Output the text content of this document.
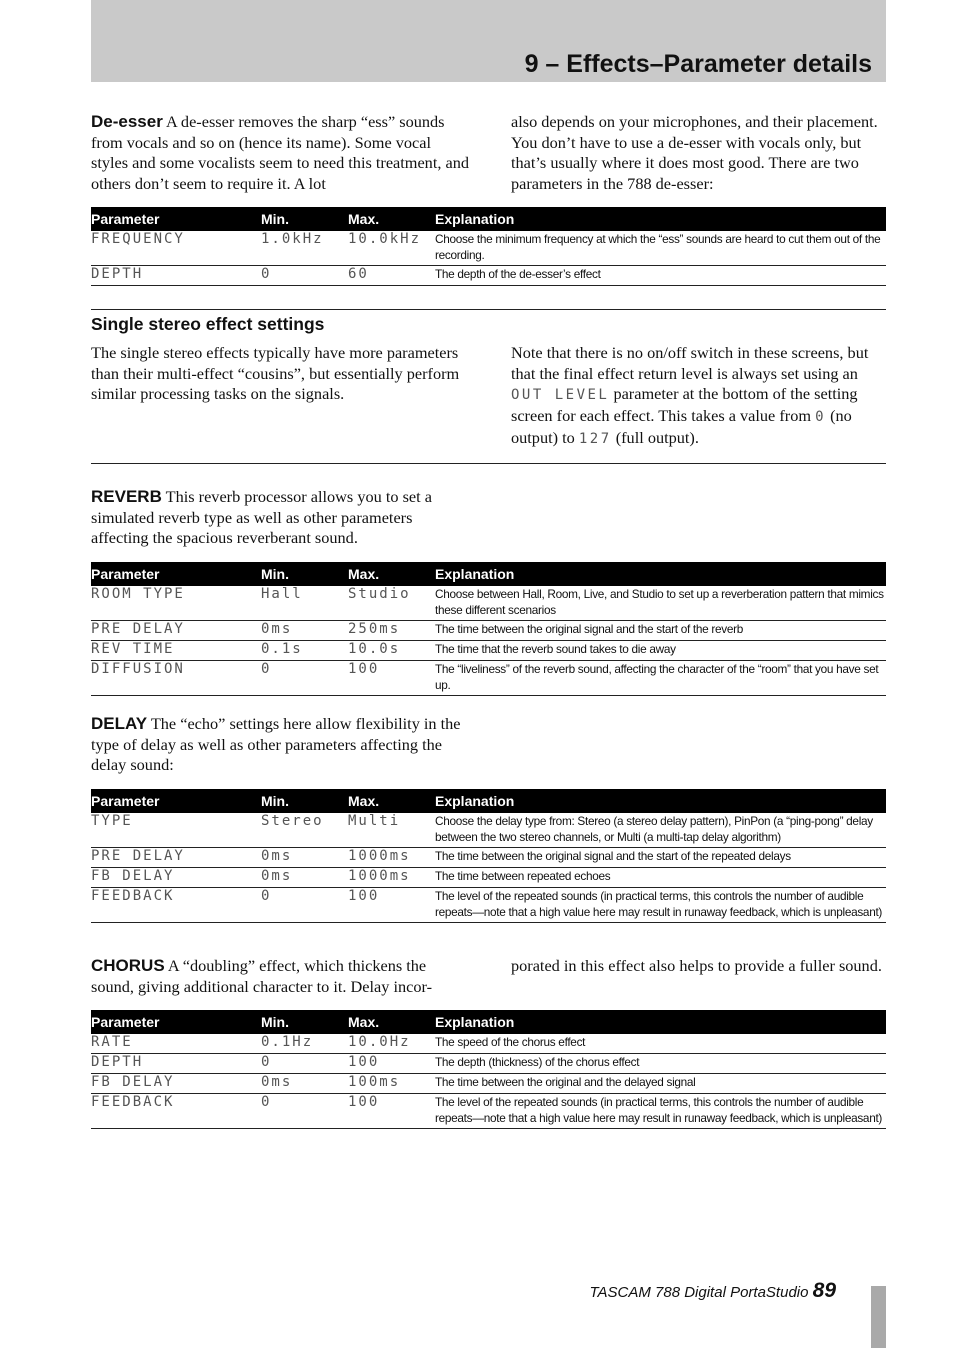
9 – Effects–Parameter details

De-esser A de-esser removes the sharp “ess” sounds from vocals and so on (hence its name). Some vocal styles and some vocalists seem to need this treatment, and others don’t seem to require it. A lot

also depends on your microphones, and their placement. You don’t have to use a de-esser with vocals only, but that’s usually where it does most good. There are two parameters in the 788 de-esser:

Parameter	Min.	Max.	Explanation
FREQUENCY	1.0kHz	10.0kHz	Choose the minimum frequency at which the “ess” sounds are heard to cut them out of the recording.
DEPTH	0	60	The depth of the de-esser’s effect
Single stereo effect settings

The single stereo effects typically have more parameters than their multi-effect “cousins”, but essentially perform similar processing tasks on the signals.

Note that there is no on/off switch in these screens, but that the final effect return level is always set using an OUT LEVEL parameter at the bottom of the setting screen for each effect. This takes a value from 0 (no output) to 127 (full output).

REVERB This reverb processor allows you to set a simulated reverb type as well as other parameters affecting the spacious reverberant sound.

Parameter	Min.	Max.	Explanation
ROOM TYPE	Hall	Studio	Choose between Hall, Room, Live, and Studio to set up a reverberation pattern that mimics these different scenarios
PRE DELAY	0ms	250ms	The time between the original signal and the start of the reverb
REV TIME	0.1s	10.0s	The time that the reverb sound takes to die away
DIFFUSION	0	100	The “liveliness” of the reverb sound, affecting the character of the “room” that you have set up.

DELAY The “echo” settings here allow flexibility in the type of delay as well as other parameters affecting the delay sound:

Parameter	Min.	Max.	Explanation
TYPE	Stereo	Multi	Choose the delay type from: Stereo (a stereo delay pattern), PinPon (a “ping-pong” delay between the two stereo channels, or Multi (a multi-tap delay algorithm)
PRE DELAY	0ms	1000ms	The time between the original signal and the start of the repeated delays
FB DELAY	0ms	1000ms	The time between repeated echoes
FEEDBACK	0	100	The level of the repeated sounds (in practical terms, this controls the number of audible repeats—note that a high value here may result in runaway feedback, which is unpleasant)

CHORUS A “doubling” effect, which thickens the sound, giving additional character to it. Delay incor-

porated in this effect also helps to provide a fuller sound.

Parameter	Min.	Max.	Explanation
RATE	0.1Hz	10.0Hz	The speed of the chorus effect
DEPTH	0	100	The depth (thickness) of the chorus effect
FB DELAY	0ms	100ms	The time between the original and the delayed signal
FEEDBACK	0	100	The level of the repeated sounds (in practical terms, this controls the number of audible repeats—note that a high value here may result in runaway feedback, which is unpleasant)
TASCAM 788 Digital PortaStudio 89
